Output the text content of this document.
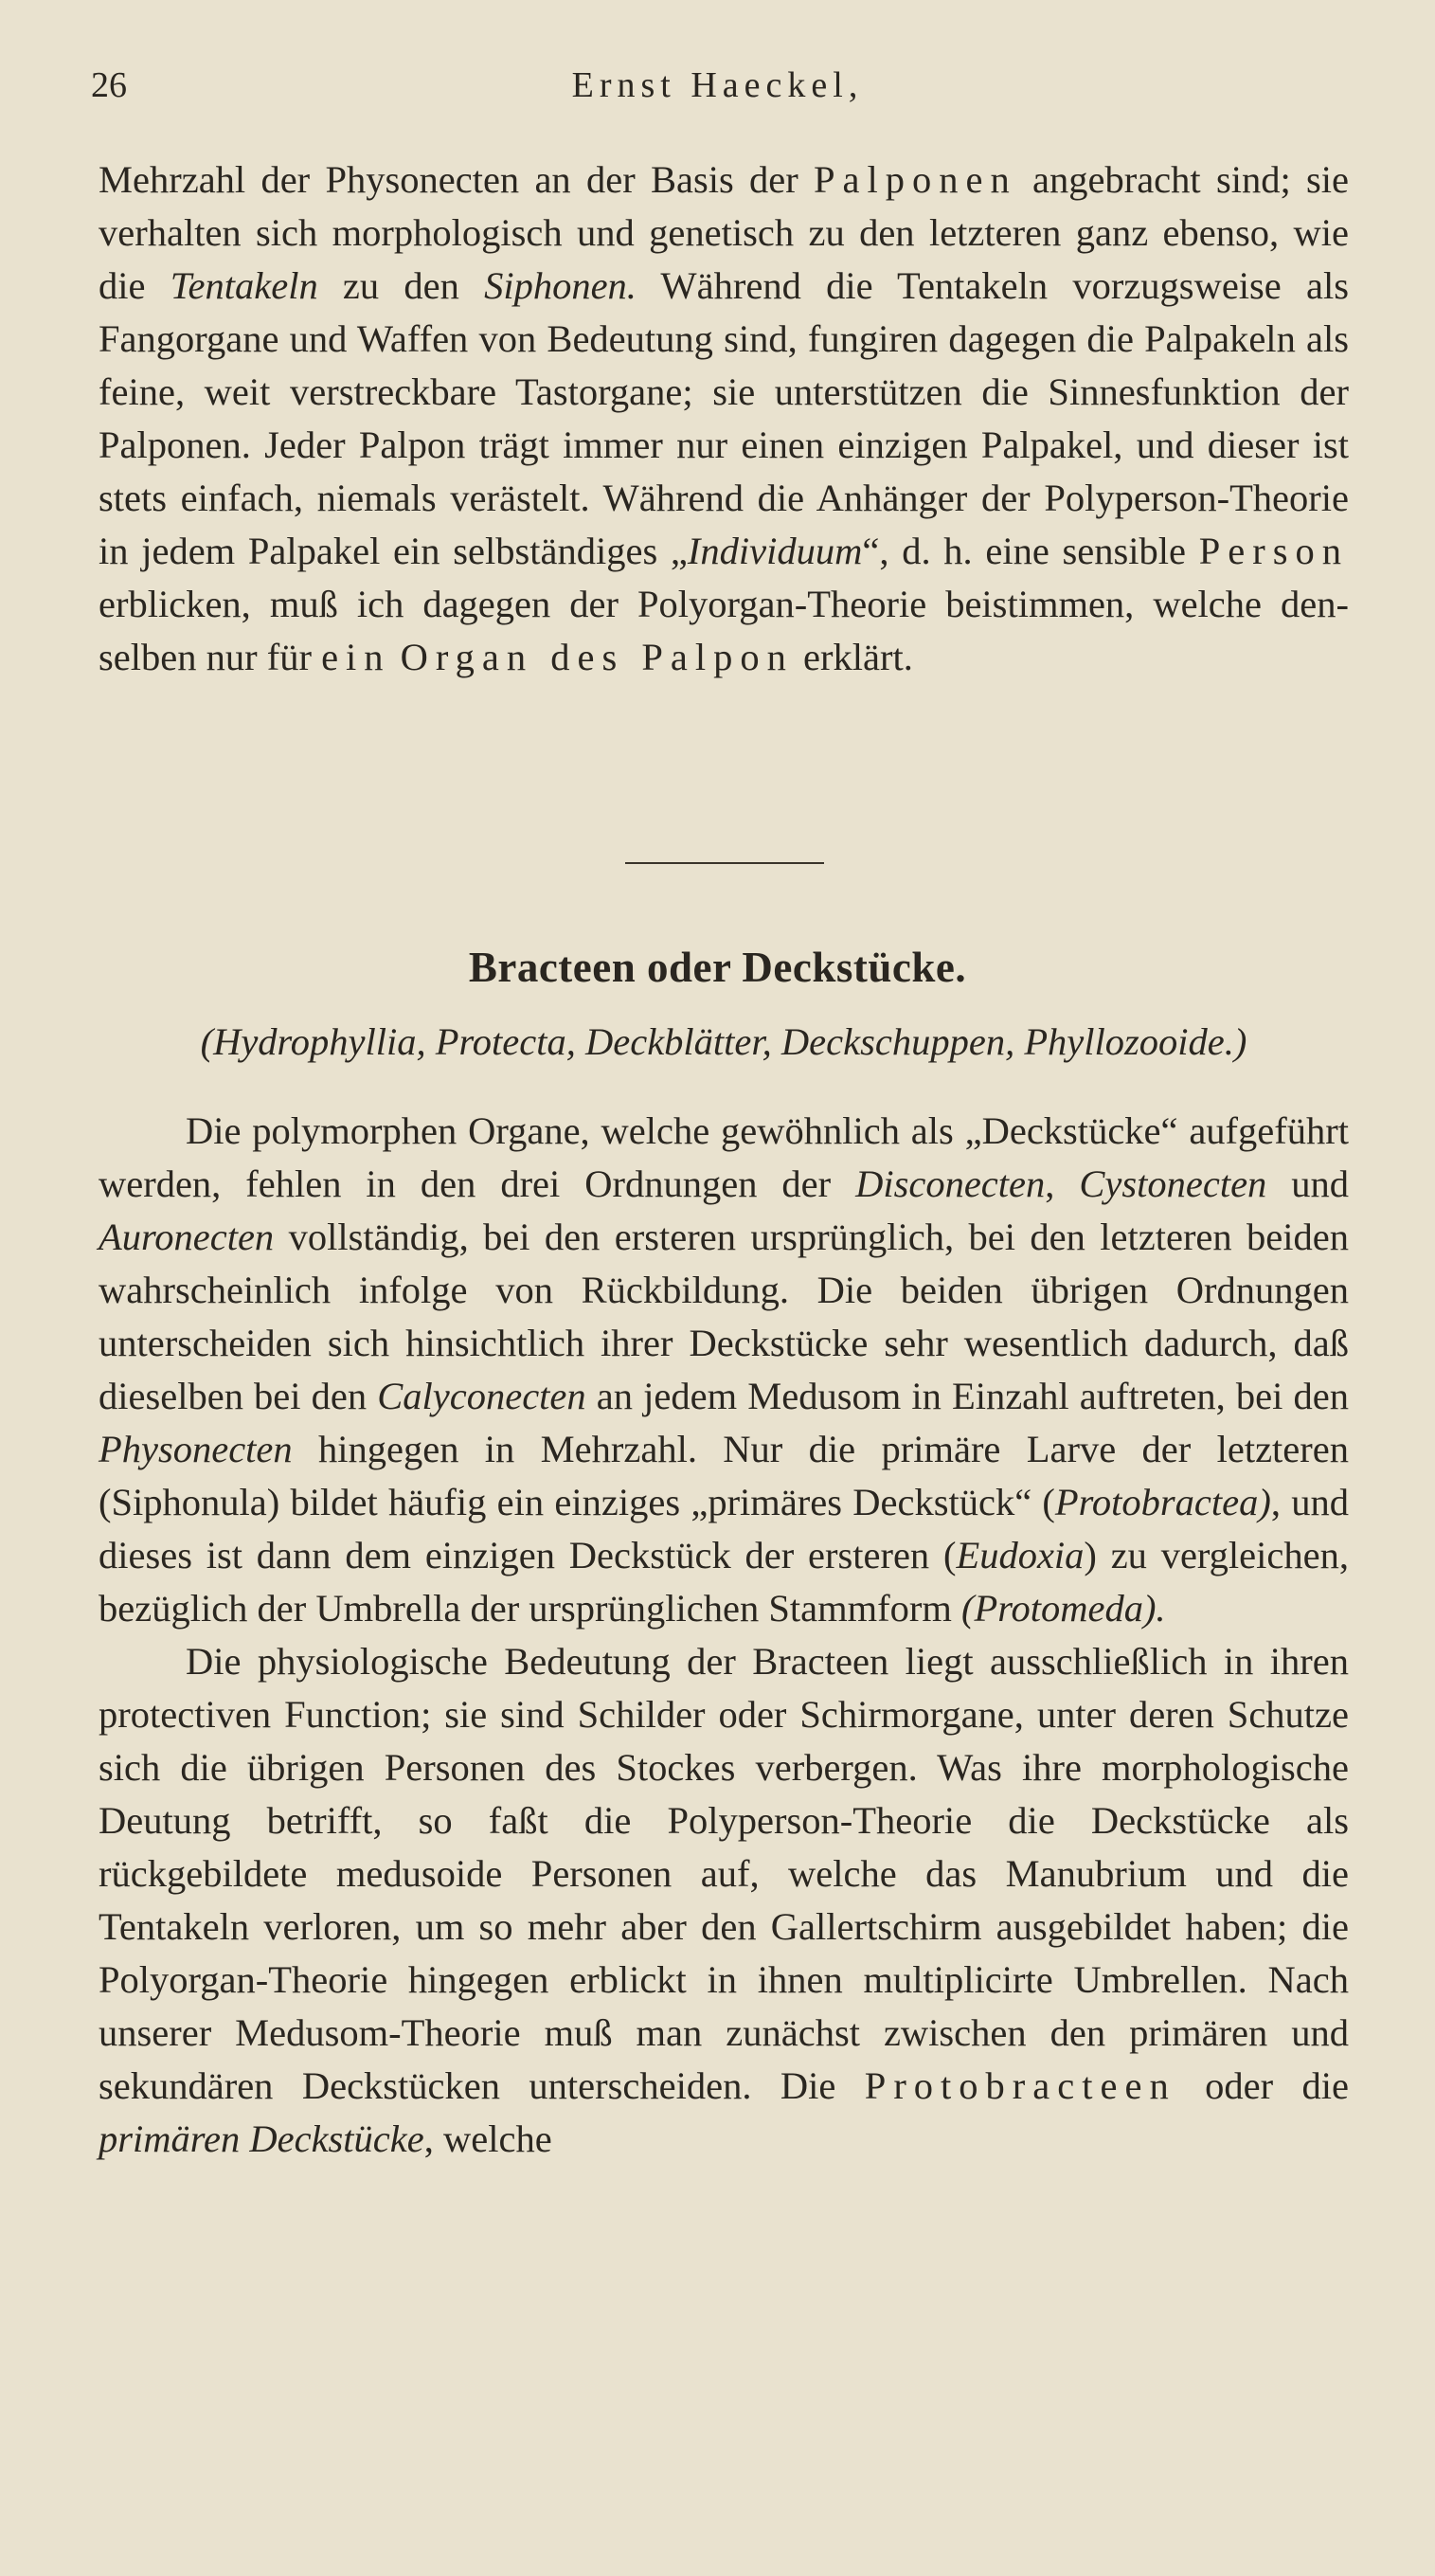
26	Ernst Haeckel,

Mehrzahl der Physonecten an der Basis der Palponen angebracht sind; sie verhalten sich morphologisch und genetisch zu den letzteren ganz ebenso, wie die Tentakeln zu den Siphonen. Während die Tentakeln vorzugsweise als Fangorgane und Waffen von Bedeutung sind, fungiren dagegen die Palpakeln als feine, weit verstreckbare Tastorgane; sie unterstützen die Sinnesfunktion der Palponen. Jeder Palpon trägt immer nur einen einzigen Palpakel, und dieser ist stets einfach, niemals verästelt. Während die Anhänger der Polyperson-Theorie in jedem Palpakel ein selbständiges „Individuum“, d. h. eine sensible Person erblicken, muß ich dagegen der Polyorgan-Theorie beistimmen, welche denselben nur für ein Organ des Palpon erklärt.

Bracteen oder Deckstücke.
(Hydrophyllia, Protecta, Deckblätter, Deckschuppen, Phyllozooide.)

Die polymorphen Organe, welche gewöhnlich als „Deckstücke“ aufgeführt werden, fehlen in den drei Ordnungen der Disconecten, Cystonecten und Auronecten vollständig, bei den ersteren ursprünglich, bei den letzteren beiden wahrscheinlich infolge von Rückbildung. Die beiden übrigen Ordnungen unterscheiden sich hinsichtlich ihrer Deckstücke sehr wesentlich dadurch, daß dieselben bei den Calyconecten an jedem Medusom in Einzahl auftreten, bei den Physonecten hingegen in Mehrzahl. Nur die primäre Larve der letzteren (Siphonula) bildet häufig ein einziges „primäres Deckstück“ (Protobractea), und dieses ist dann dem einzigen Deckstück der ersteren (Eudoxia) zu vergleichen, bezüglich der Umbrella der ursprünglichen Stammform (Protomeda).

Die physiologische Bedeutung der Bracteen liegt ausschließlich in ihren protectiven Function; sie sind Schilder oder Schirmorgane, unter deren Schutze sich die übrigen Personen des Stockes verbergen. Was ihre morphologische Deutung betrifft, so faßt die Polyperson-Theorie die Deckstücke als rückgebildete medusoide Personen auf, welche das Manubrium und die Tentakeln verloren, um so mehr aber den Gallertschirm ausgebildet haben; die Polyorgan-Theorie hingegen erblickt in ihnen multiplicirte Umbrellen. Nach unserer Medusom-Theorie muß man zunächst zwischen den primären und sekundären Deckstücken unterscheiden. Die Protobracteen oder die primären Deckstücke, welche
